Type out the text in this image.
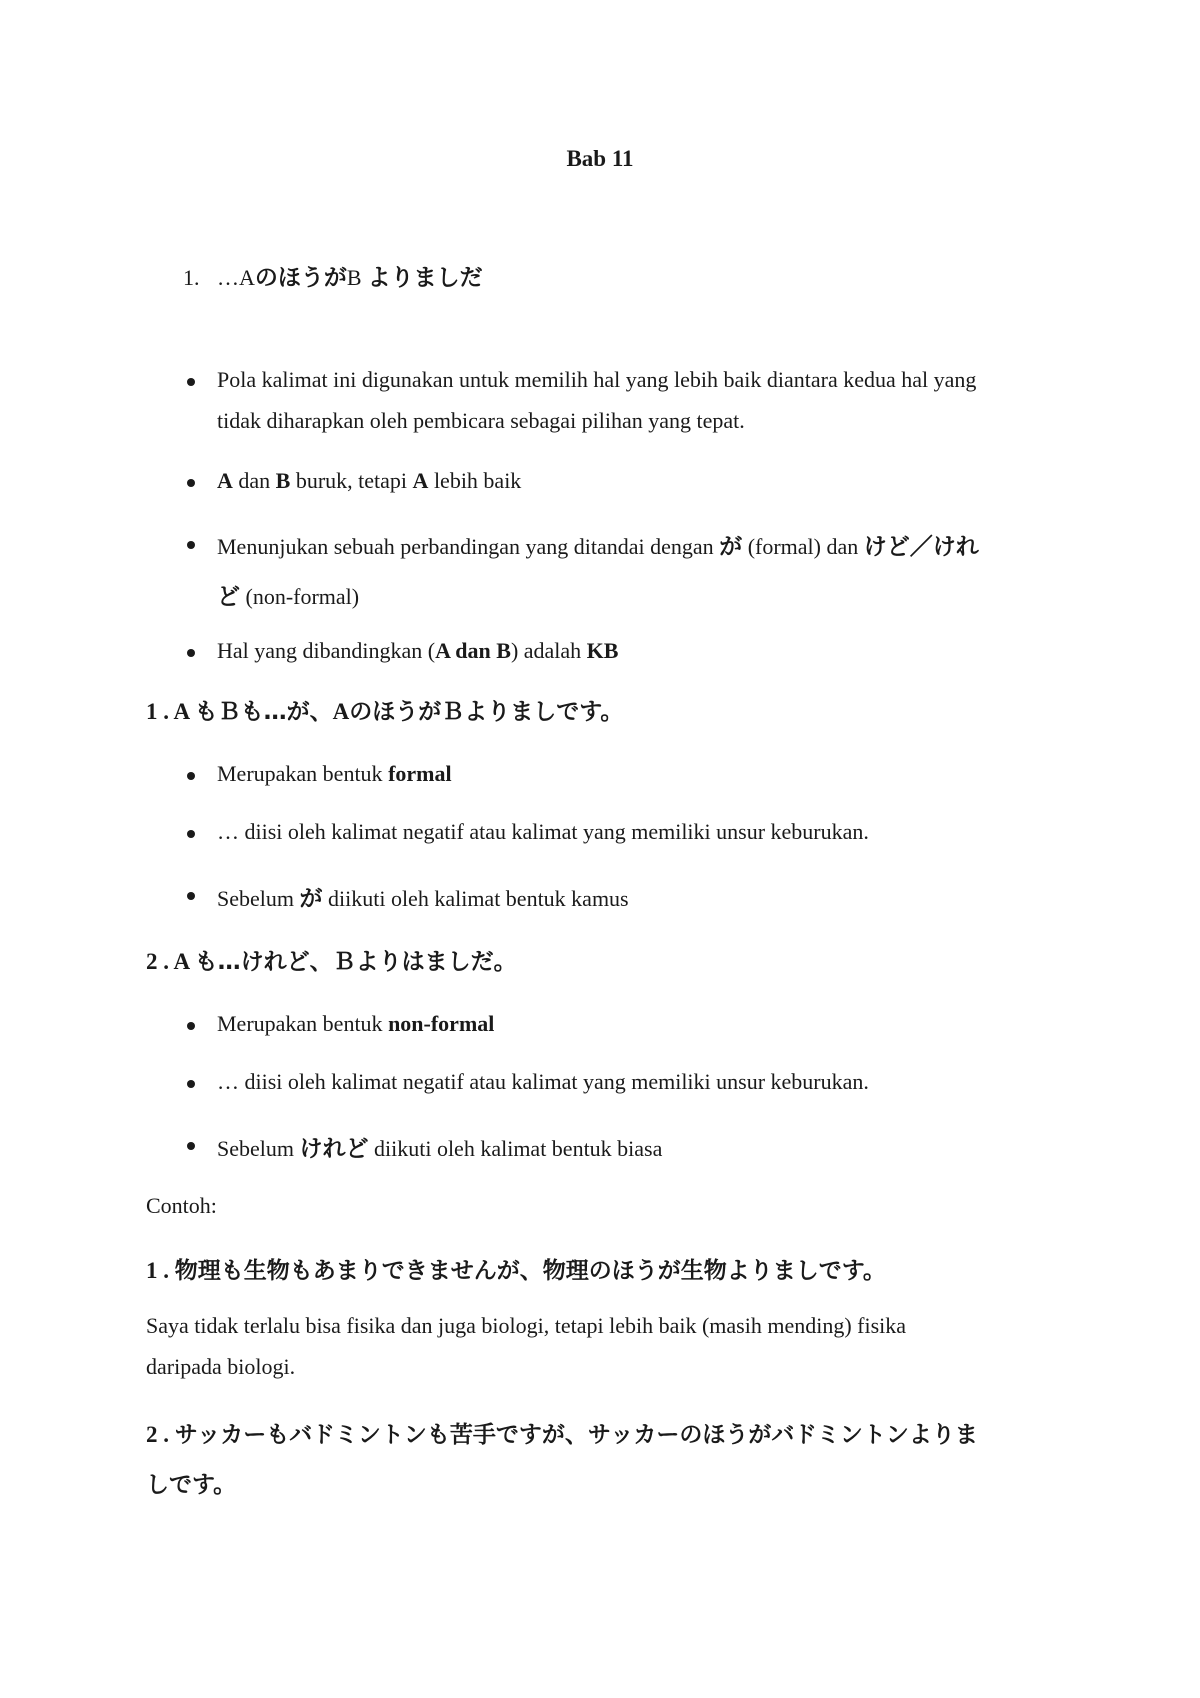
Bab 11
1. …AのほうがB よりましだ
Pola kalimat ini digunakan untuk memilih hal yang lebih baik diantara kedua hal yang
tidak diharapkan oleh pembicara sebagai pilihan yang tepat.
A dan B buruk, tetapi A lebih baik
Menunjukan sebuah perbandingan yang ditandai dengan が (formal) dan けど／けれ
ど (non-formal)
Hal yang dibandingkan (A dan B) adalah KB
1 . A もＢも…が、AのほうがＢよりましです。
Merupakan bentuk formal
… diisi oleh kalimat negatif atau kalimat yang memiliki unsur keburukan.
Sebelum が diikuti oleh kalimat bentuk kamus
2 . A も…けれど、Ｂよりはましだ。
Merupakan bentuk non-formal
… diisi oleh kalimat negatif atau kalimat yang memiliki unsur keburukan.
Sebelum けれど diikuti oleh kalimat bentuk biasa
Contoh:
1 . 物理も生物もあまりできませんが、物理のほうが生物よりましです。
Saya tidak terlalu bisa fisika dan juga biologi, tetapi lebih baik (masih mending) fisika
daripada biologi.
2 . サッカーもバドミントンも苦手ですが、サッカーのほうがバドミントンよりま
しです。
